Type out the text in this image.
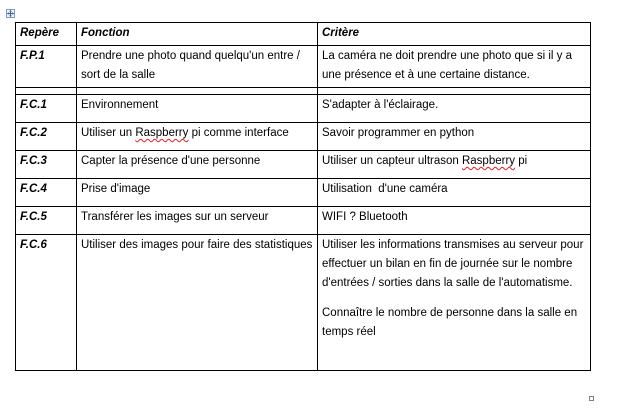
Repère	Fonction	Critère
F.P.1	Prendre une photo quand quelqu'un entre / sort de la salle	La caméra ne doit prendre une photo que si il y a une présence et à une certaine distance.

F.C.1	Environnement	S'adapter à l'éclairage.
F.C.2	Utiliser un Raspberry pi comme interface	Savoir programmer en python
F.C.3	Capter la présence d'une personne	Utiliser un capteur ultrason Raspberry pi
F.C.4	Prise d'image	Utilisation  d'une caméra
F.C.5	Transférer les images sur un serveur	WIFI ? Bluetooth
F.C.6	Utiliser des images pour faire des statistiques	Utiliser les informations transmises au serveur pour effectuer un bilan en fin de journée sur le nombre d'entrées / sorties dans la salle de l'automatisme.
Connaître le nombre de personne dans la salle en temps réel
